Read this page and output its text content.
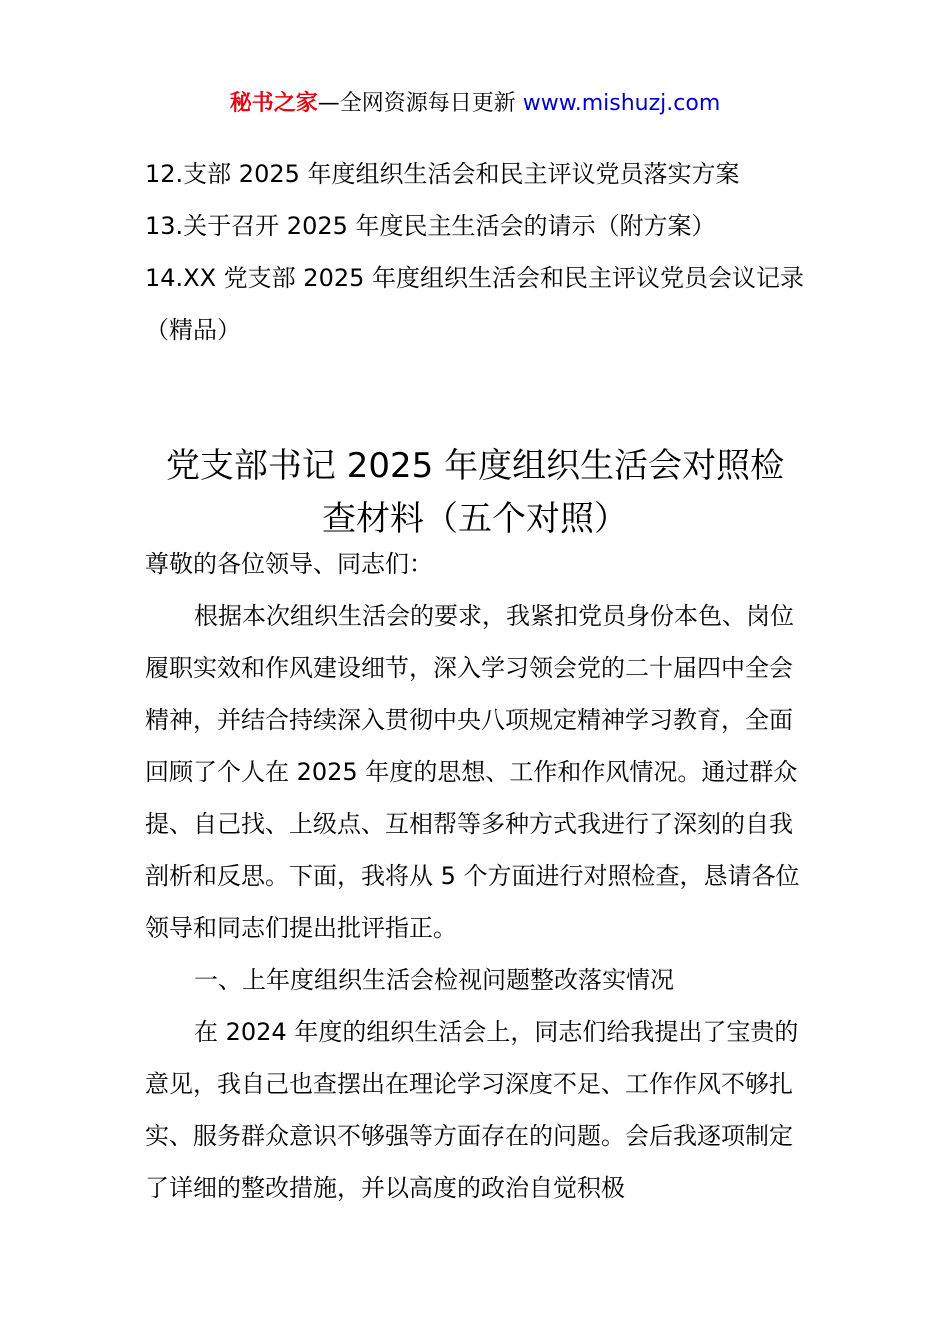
秘书之家—全网资源每日更新 www.mishuzj.com

12.支部 2025 年度组织生活会和民主评议党员落实方案

13.关于召开 2025 年度民主生活会的请示（附方案）

14.XX 党支部 2025 年度组织生活会和民主评议党员会议记录（精品）

党支部书记 2025 年度组织生活会对照检
查材料（五个对照）

尊敬的各位领导、同志们：

根据本次组织生活会的要求，我紧扣党员身份本色、岗位履职实效和作风建设细节，深入学习领会党的二十届四中全会精神，并结合持续深入贯彻中央八项规定精神学习教育，全面回顾了个人在 2025 年度的思想、工作和作风情况。通过群众提、自己找、上级点、互相帮等多种方式我进行了深刻的自我剖析和反思。下面，我将从 5 个方面进行对照检查，恳请各位领导和同志们提出批评指正。

一、上年度组织生活会检视问题整改落实情况

在 2024 年度的组织生活会上，同志们给我提出了宝贵的意见，我自己也查摆出在理论学习深度不足、工作作风不够扎实、服务群众意识不够强等方面存在的问题。会后我逐项制定了详细的整改措施，并以高度的政治自觉积极
